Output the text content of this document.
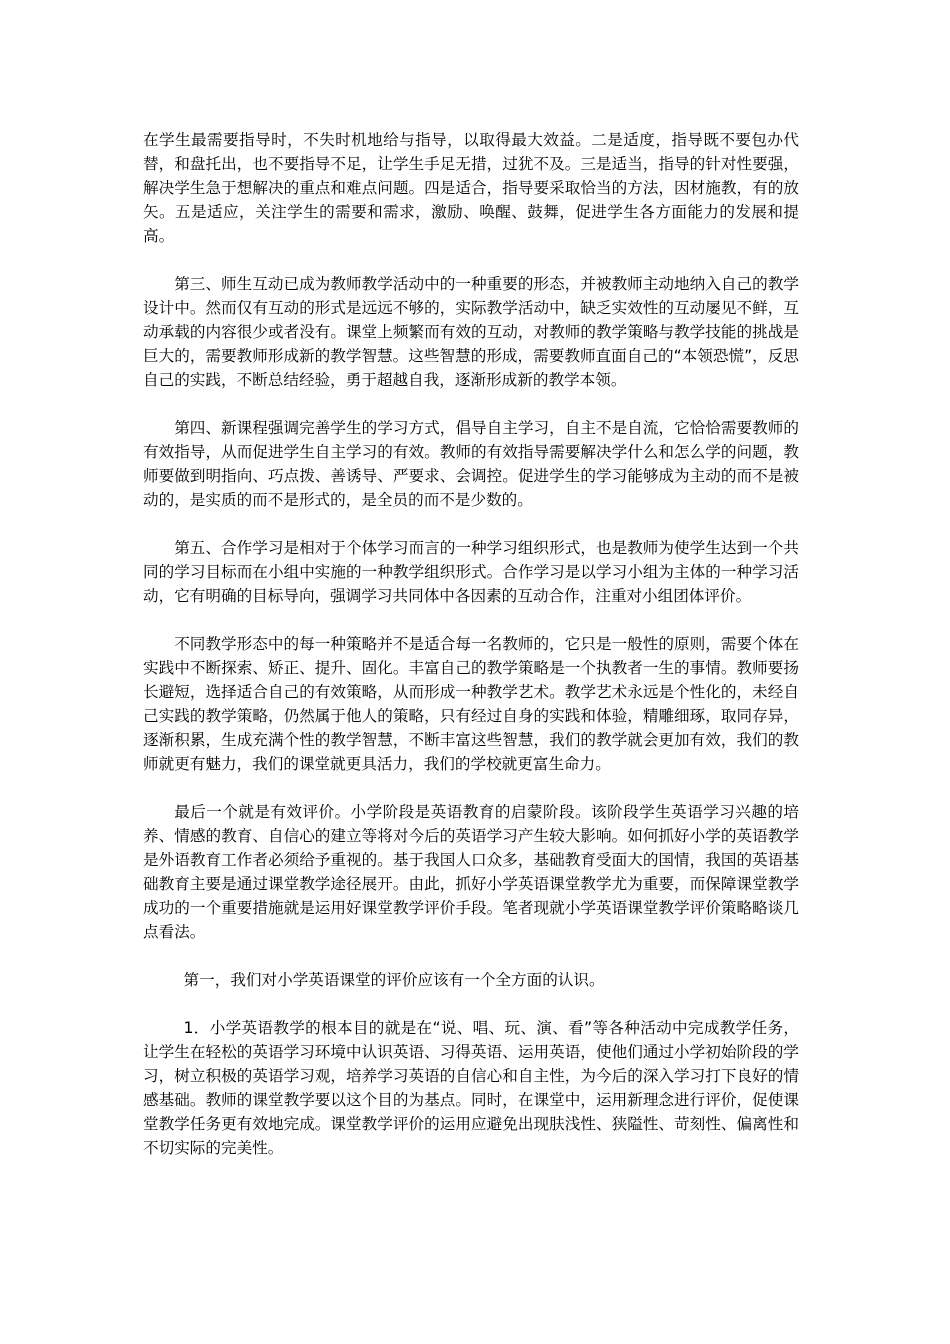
在学生最需要指导时，不失时机地给与指导，以取得最大效益。二是适度，指导既不要包办代替，和盘托出，也不要指导不足，让学生手足无措，过犹不及。三是适当，指导的针对性要强，解决学生急于想解决的重点和难点问题。四是适合，指导要采取恰当的方法，因材施教，有的放矢。五是适应，关注学生的需要和需求，激励、唤醒、鼓舞，促进学生各方面能力的发展和提高。

第三、师生互动已成为教师教学活动中的一种重要的形态，并被教师主动地纳入自己的教学设计中。然而仅有互动的形式是远远不够的，实际教学活动中，缺乏实效性的互动屡见不鲜，互动承载的内容很少或者没有。课堂上频繁而有效的互动，对教师的教学策略与教学技能的挑战是巨大的，需要教师形成新的教学智慧。这些智慧的形成，需要教师直面自己的“本领恐慌”，反思自己的实践，不断总结经验，勇于超越自我，逐渐形成新的教学本领。

第四、新课程强调完善学生的学习方式，倡导自主学习，自主不是自流，它恰恰需要教师的有效指导，从而促进学生自主学习的有效。教师的有效指导需要解决学什么和怎么学的问题，教师要做到明指向、巧点拨、善诱导、严要求、会调控。促进学生的学习能够成为主动的而不是被动的，是实质的而不是形式的，是全员的而不是少数的。

第五、合作学习是相对于个体学习而言的一种学习组织形式，也是教师为使学生达到一个共同的学习目标而在小组中实施的一种教学组织形式。合作学习是以学习小组为主体的一种学习活动，它有明确的目标导向，强调学习共同体中各因素的互动合作，注重对小组团体评价。

不同教学形态中的每一种策略并不是适合每一名教师的，它只是一般性的原则，需要个体在实践中不断探索、矫正、提升、固化。丰富自己的教学策略是一个执教者一生的事情。教师要扬长避短，选择适合自己的有效策略，从而形成一种教学艺术。教学艺术永远是个性化的，未经自己实践的教学策略，仍然属于他人的策略，只有经过自身的实践和体验，精雕细琢，取同存异，逐渐积累，生成充满个性的教学智慧，不断丰富这些智慧，我们的教学就会更加有效，我们的教师就更有魅力，我们的课堂就更具活力，我们的学校就更富生命力。

最后一个就是有效评价。小学阶段是英语教育的启蒙阶段。该阶段学生英语学习兴趣的培养、情感的教育、自信心的建立等将对今后的英语学习产生较大影响。如何抓好小学的英语教学是外语教育工作者必须给予重视的。基于我国人口众多，基础教育受面大的国情，我国的英语基础教育主要是通过课堂教学途径展开。由此，抓好小学英语课堂教学尤为重要，而保障课堂教学成功的一个重要措施就是运用好课堂教学评价手段。笔者现就小学英语课堂教学评价策略略谈几点看法。

第一，我们对小学英语课堂的评价应该有一个全方面的认识。

1．小学英语教学的根本目的就是在“说、唱、玩、演、看”等各种活动中完成教学任务，让学生在轻松的英语学习环境中认识英语、习得英语、运用英语，使他们通过小学初始阶段的学习，树立积极的英语学习观，培养学习英语的自信心和自主性，为今后的深入学习打下良好的情感基础。教师的课堂教学要以这个目的为基点。同时，在课堂中，运用新理念进行评价，促使课堂教学任务更有效地完成。课堂教学评价的运用应避免出现肤浅性、狭隘性、苛刻性、偏离性和不切实际的完美性。
